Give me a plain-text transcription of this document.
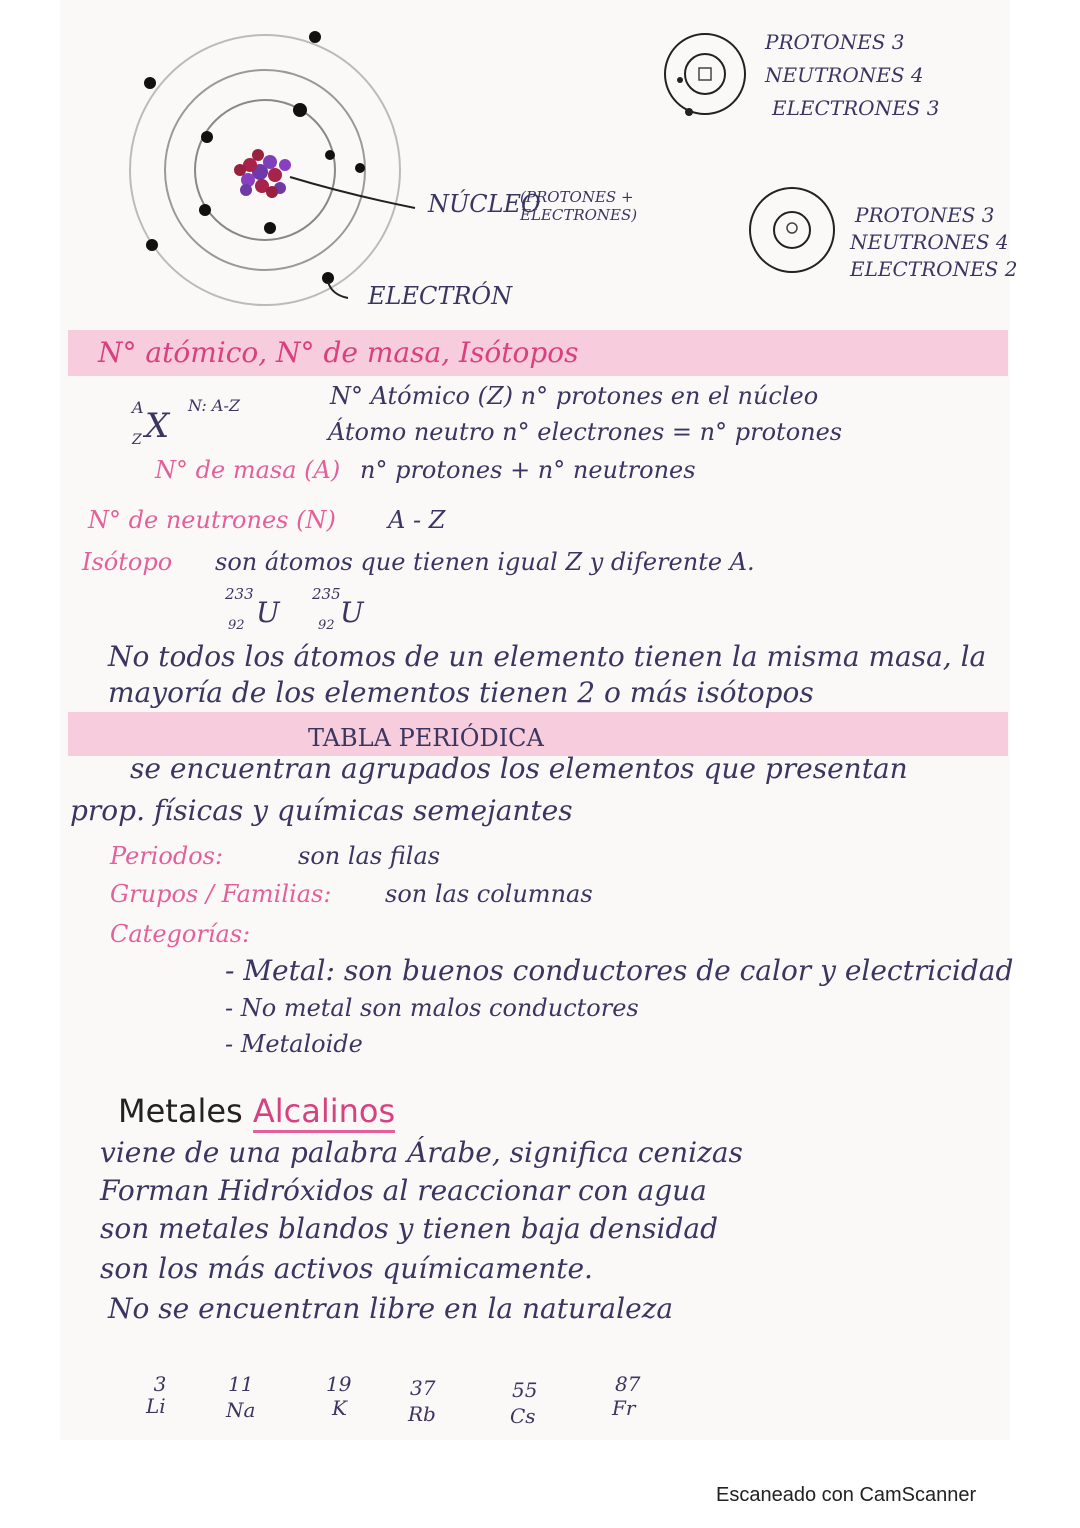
NÚCLEO
(PROTONES + ELECTRONES)
ELECTRÓN
PROTONES 3
NEUTRONES 4
ELECTRONES 3
PROTONES 3
NEUTRONES 4
ELECTRONES 2
N° atómico, N° de masa, Isótopos
A
Z X
N: A-Z	N° Atómico (Z) n° protones en el núcleo
Átomo neutro n° electrones = n° protones
N° de masa (A) n° protones + n° neutrones
N° de neutrones (N) A - Z
Isótopo son átomos que tienen igual Z y diferente A.
233
92 U
235
92 U
No todos los átomos de un elemento tienen la misma masa, la
mayoría de los elementos tienen 2 o más isótopos
TABLA PERIÓDICA
se encuentran agrupados los elementos que presentan
prop. físicas y químicas semejantes
Periodos:	son las filas
Grupos / Familias: son las columnas
Categorías:
- Metal: son buenos conductores de calor y electricidad
- No metal son malos conductores
- Metaloide
Metales Alcalinos
viene de una palabra Árabe, significa cenizas
Forman Hidróxidos al reaccionar con agua
son metales blandos y tienen baja densidad
son los más activos químicamente.
No se encuentran libre en la naturaleza
3
Li
11
Na
19
K
37
Rb
55
Cs
87
Fr
Escaneado con CamScanner
